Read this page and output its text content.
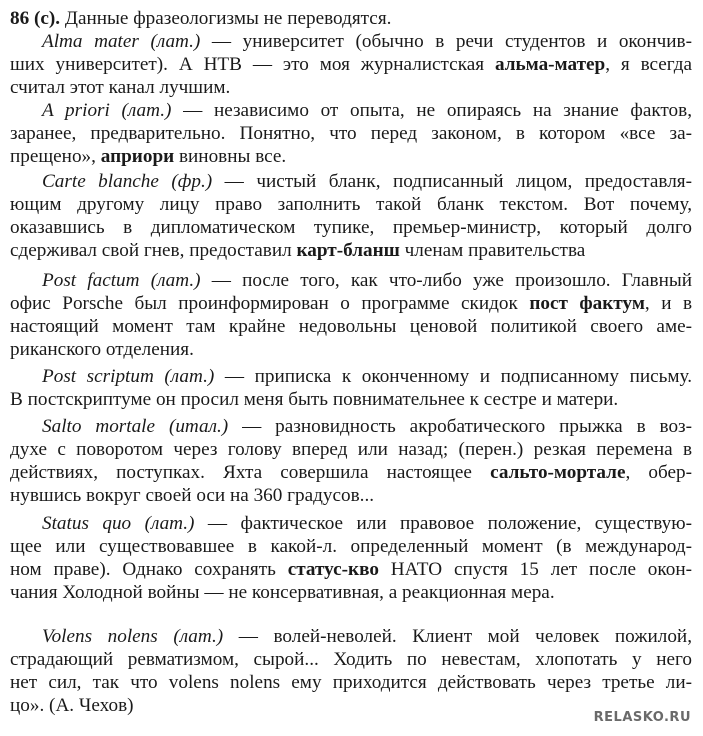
86 (c). Данные фразеологизмы не переводятся.
Alma mater (лат.) — университет (обычно в речи студентов и окончив-
ших университет). А НТВ — это моя журналистская альма-матер, я всегда
считал этот канал лучшим.
A priori (лат.) — независимо от опыта, не опираясь на знание фактов,
заранее, предварительно. Понятно, что перед законом, в котором «все за-
прещено», априори виновны все.
Carte blanche (фр.) — чистый бланк, подписанный лицом, предоставля-
ющим другому лицу право заполнить такой бланк текстом. Вот почему,
оказавшись в дипломатическом тупике, премьер-министр, который долго
сдерживал свой гнев, предоставил карт-бланш членам правительства
Post factum (лат.) — после того, как что-либо уже произошло. Главный
офис Porsche был проинформирован о программе скидок пост фактум, и в
настоящий момент там крайне недовольны ценовой политикой своего аме-
риканского отделения.
Post scriptum (лат.) — приписка к оконченному и подписанному письму.
В постскриптуме он просил меня быть повнимательнее к сестре и матери.
Salto mortale (итал.) — разновидность акробатического прыжка в воз-
духе с поворотом через голову вперед или назад; (перен.) резкая перемена в
действиях, поступках. Яхта совершила настоящее сальто-мортале, обер-
нувшись вокруг своей оси на 360 градусов...
Status quo (лат.) — фактическое или правовое положение, существую-
щее или существовавшее в какой-л. определенный момент (в международ-
ном праве). Однако сохранять статус-кво НАТО спустя 15 лет после окон-
чания Холодной войны — не консервативная, а реакционная мера.
Volens nolens (лат.) — волей-неволей. Клиент мой человек пожилой,
страдающий ревматизмом, сырой... Ходить по невестам, хлопотать у него
нет сил, так что volens nolens ему приходится действовать через третье ли-
цо». (А. Чехов)
RELASKO.RU
